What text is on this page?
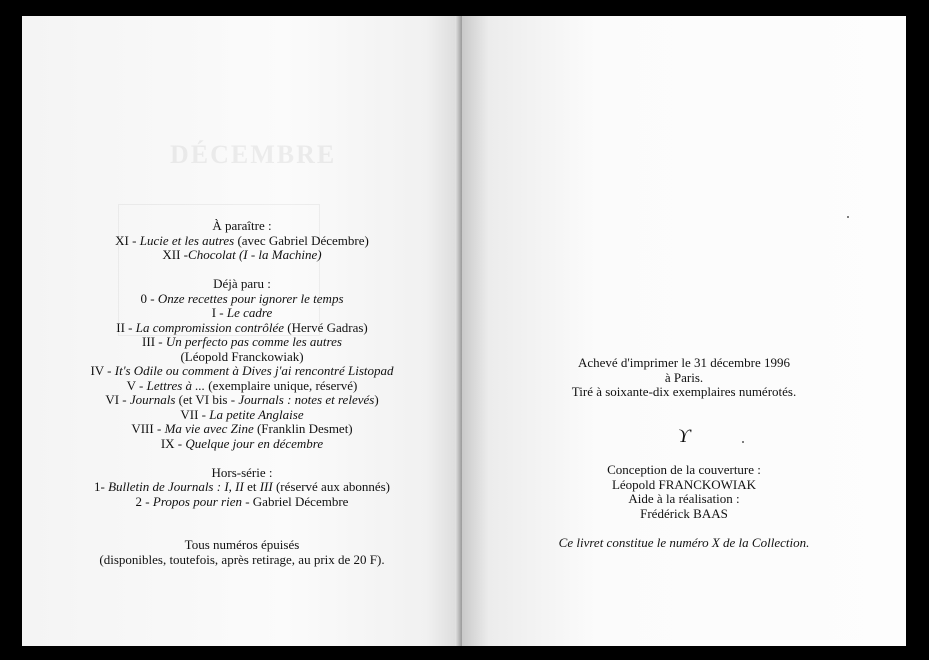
DÉCEMBRE

À paraître :

XI - Lucie et les autres (avec Gabriel Décembre)

XII -Chocolat (I - la Machine)

Déjà paru :

0 - Onze recettes pour ignorer le temps

I - Le cadre

II - La compromission contrôlée (Hervé Gadras)

III - Un perfecto pas comme les autres

(Léopold Franckowiak)

IV - It's Odile ou comment à Dives j'ai rencontré Listopad

V - Lettres à ... (exemplaire unique, réservé)

VI - Journals (et VI bis - Journals : notes et relevés)

VII - La petite Anglaise

VIII - Ma vie avec Zine (Franklin Desmet)

IX - Quelque jour en décembre

Hors-série :

1- Bulletin de Journals : I, II et III (réservé aux abonnés)

2 - Propos pour rien - Gabriel Décembre

Tous numéros épuisés

(disponibles, toutefois, après retirage, au prix de 20 F).

Achevé d'imprimer le 31 décembre 1996

à Paris.

Tiré à soixante-dix exemplaires numérotés.

ϒ

Conception de la couverture :

Léopold FRANCKOWIAK

Aide à la réalisation :

Frédérick BAAS

Ce livret constitue le numéro X de la Collection.
